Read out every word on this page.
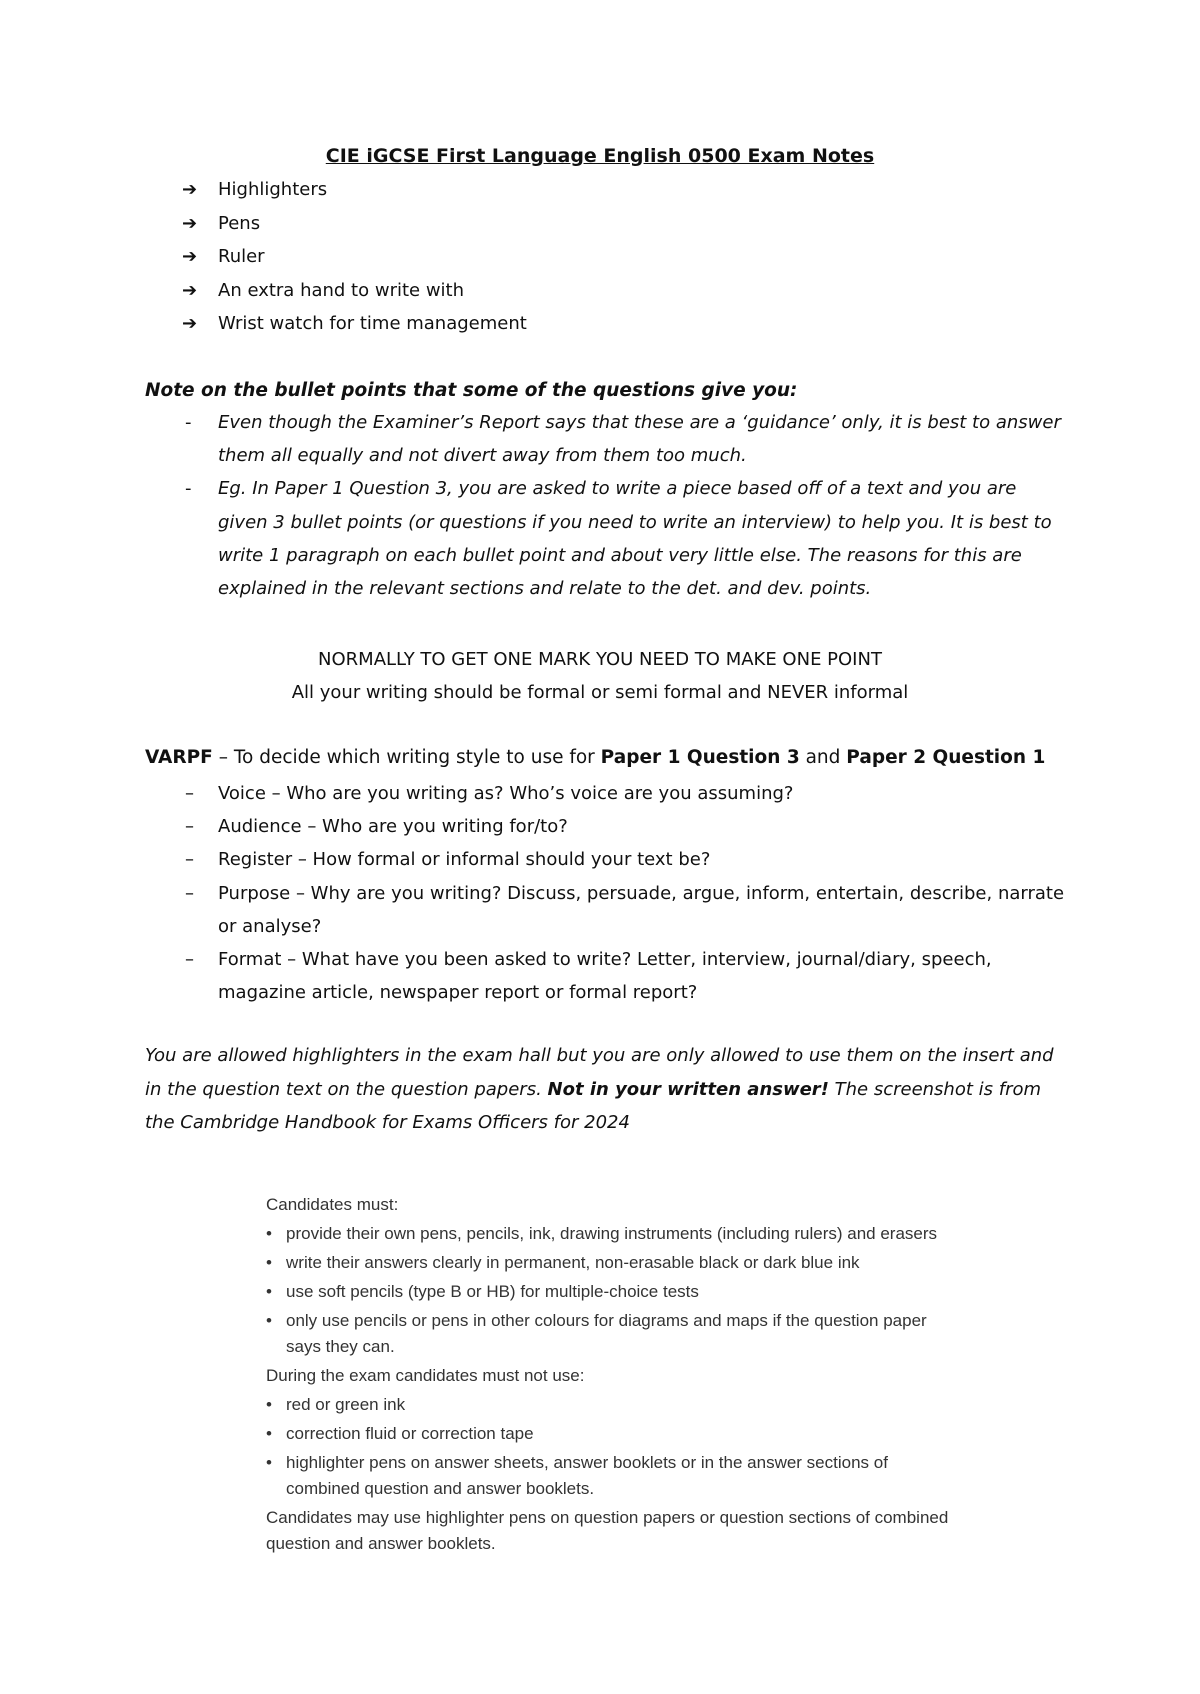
CIE iGCSE First Language English 0500 Exam Notes
➔ Highlighters
➔ Pens
➔ Ruler
➔ An extra hand to write with
➔ Wrist watch for time management
Note on the bullet points that some of the questions give you:
- Even though the Examiner’s Report says that these are a ‘guidance’ only, it is best to answer them all equally and not divert away from them too much.
- Eg. In Paper 1 Question 3, you are asked to write a piece based off of a text and you are given 3 bullet points (or questions if you need to write an interview) to help you. It is best to write 1 paragraph on each bullet point and about very little else. The reasons for this are explained in the relevant sections and relate to the det. and dev. points.
NORMALLY TO GET ONE MARK YOU NEED TO MAKE ONE POINT
All your writing should be formal or semi formal and NEVER informal
VARPF – To decide which writing style to use for Paper 1 Question 3 and Paper 2 Question 1
– Voice – Who are you writing as? Who’s voice are you assuming?
– Audience – Who are you writing for/to?
– Register – How formal or informal should your text be?
– Purpose – Why are you writing? Discuss, persuade, argue, inform, entertain, describe, narrate or analyse?
– Format – What have you been asked to write? Letter, interview, journal/diary, speech, magazine article, newspaper report or formal report?
You are allowed highlighters in the exam hall but you are only allowed to use them on the insert and in the question text on the question papers. Not in your written answer! The screenshot is from the Cambridge Handbook for Exams Officers for 2024
Candidates must:
• provide their own pens, pencils, ink, drawing instruments (including rulers) and erasers
• write their answers clearly in permanent, non-erasable black or dark blue ink
• use soft pencils (type B or HB) for multiple-choice tests
• only use pencils or pens in other colours for diagrams and maps if the question paper says they can.
During the exam candidates must not use:
• red or green ink
• correction fluid or correction tape
• highlighter pens on answer sheets, answer booklets or in the answer sections of combined question and answer booklets.
Candidates may use highlighter pens on question papers or question sections of combined question and answer booklets.
